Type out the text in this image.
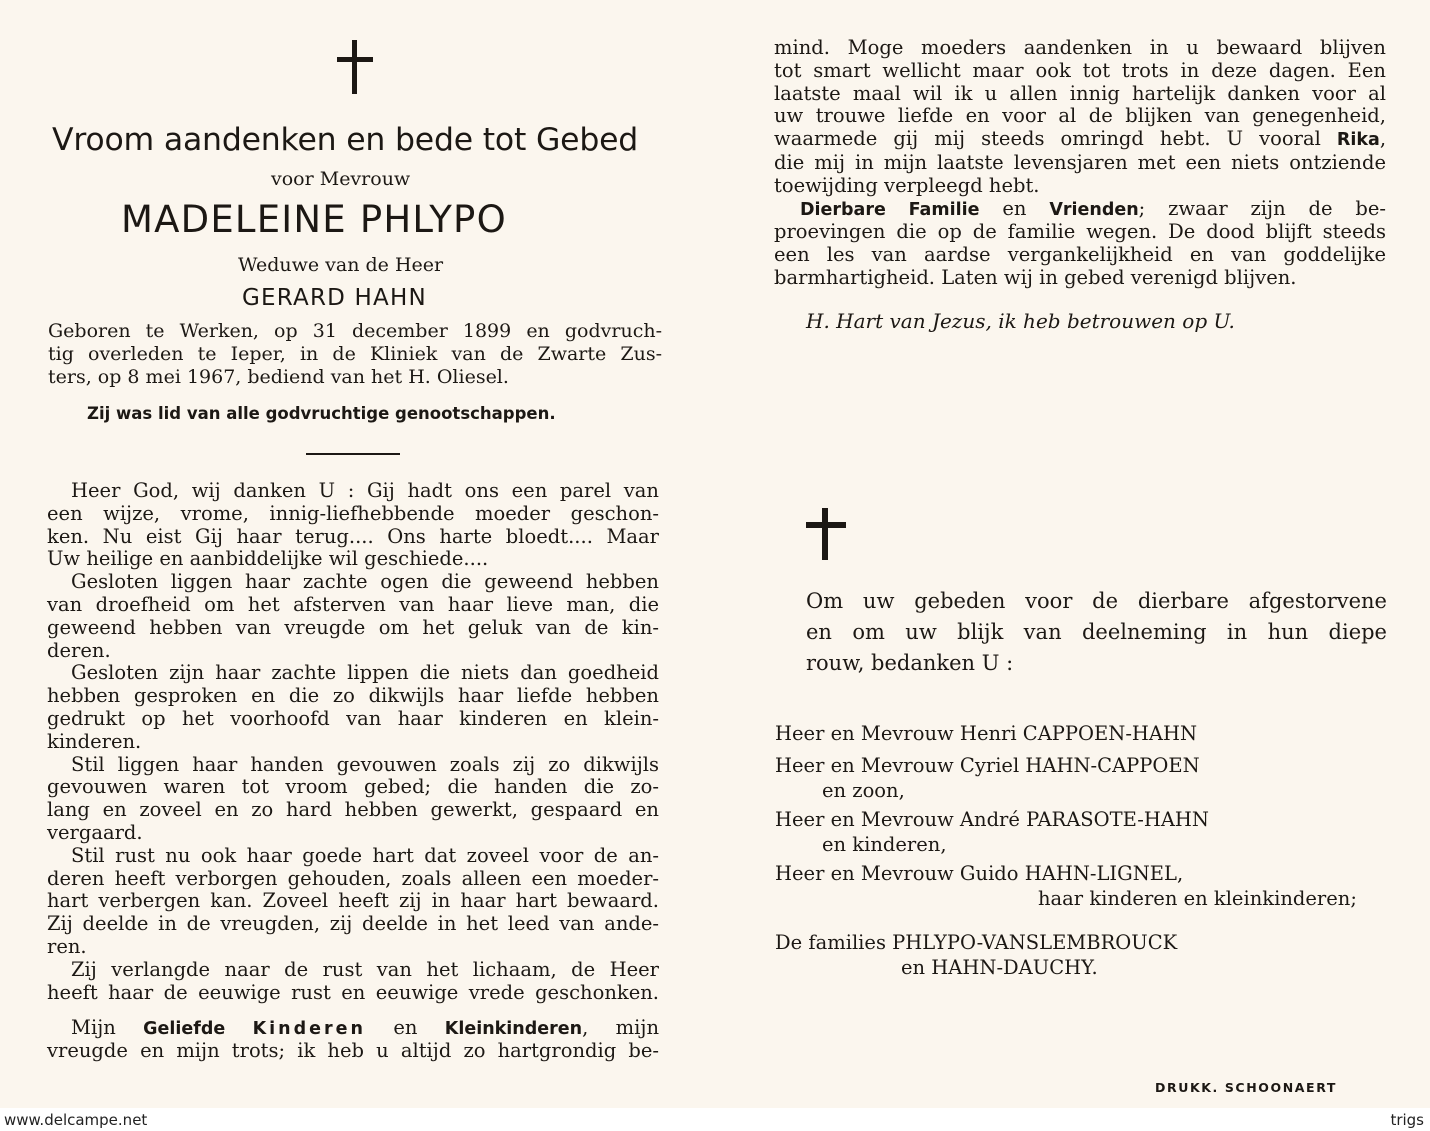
Vroom aandenken en bede tot Gebed
voor Mevrouw
MADELEINE PHLYPO
Weduwe van de Heer
GERARD HAHN
Geboren te Werken, op 31 december 1899 en godvruch-
tig overleden te Ieper, in de Kliniek van de Zwarte Zus-
ters, op 8 mei 1967, bediend van het H. Oliesel.
Zij was lid van alle godvruchtige genootschappen.
Heer God, wij danken U : Gij hadt ons een parel van
een wijze, vrome, innig-liefhebbende moeder geschon-
ken. Nu eist Gij haar terug.... Ons harte bloedt.... Maar
Uw heilige en aanbiddelijke wil geschiede....
Gesloten liggen haar zachte ogen die geweend hebben
van droefheid om het afsterven van haar lieve man, die
geweend hebben van vreugde om het geluk van de kin-
deren.
Gesloten zijn haar zachte lippen die niets dan goedheid
hebben gesproken en die zo dikwijls haar liefde hebben
gedrukt op het voorhoofd van haar kinderen en klein-
kinderen.
Stil liggen haar handen gevouwen zoals zij zo dikwijls
gevouwen waren tot vroom gebed; die handen die zo-
lang en zoveel en zo hard hebben gewerkt, gespaard en
vergaard.
Stil rust nu ook haar goede hart dat zoveel voor de an-
deren heeft verborgen gehouden, zoals alleen een moeder-
hart verbergen kan. Zoveel heeft zij in haar hart bewaard.
Zij deelde in de vreugden, zij deelde in het leed van ande-
ren.
Zij verlangde naar de rust van het lichaam, de Heer
heeft haar de eeuwige rust en eeuwige vrede geschonken.
Mijn Geliefde Kinderen en Kleinkinderen, mijn
vreugde en mijn trots; ik heb u altijd zo hartgrondig be-
mind. Moge moeders aandenken in u bewaard blijven
tot smart wellicht maar ook tot trots in deze dagen. Een
laatste maal wil ik u allen innig hartelijk danken voor al
uw trouwe liefde en voor al de blijken van genegenheid,
waarmede gij mij steeds omringd hebt. U vooral Rika,
die mij in mijn laatste levensjaren met een niets ontziende
toewijding verpleegd hebt.
Dierbare Familie en Vrienden; zwaar zijn de be-
proevingen die op de familie wegen. De dood blijft steeds
een les van aardse vergankelijkheid en van goddelijke
barmhartigheid. Laten wij in gebed verenigd blijven.
H. Hart van Jezus, ik heb betrouwen op U.
Om uw gebeden voor de dierbare afgestorvene
en om uw blijk van deelneming in hun diepe
rouw, bedanken U :
Heer en Mevrouw Henri CAPPOEN-HAHN
Heer en Mevrouw Cyriel HAHN-CAPPOEN
en zoon,
Heer en Mevrouw André PARASOTE-HAHN
en kinderen,
Heer en Mevrouw Guido HAHN-LIGNEL,
haar kinderen en kleinkinderen;
De families PHLYPO-VANSLEMBROUCK
en HAHN-DAUCHY.
DRUKK. SCHOONAERT
www.delcampe.net	trigs
